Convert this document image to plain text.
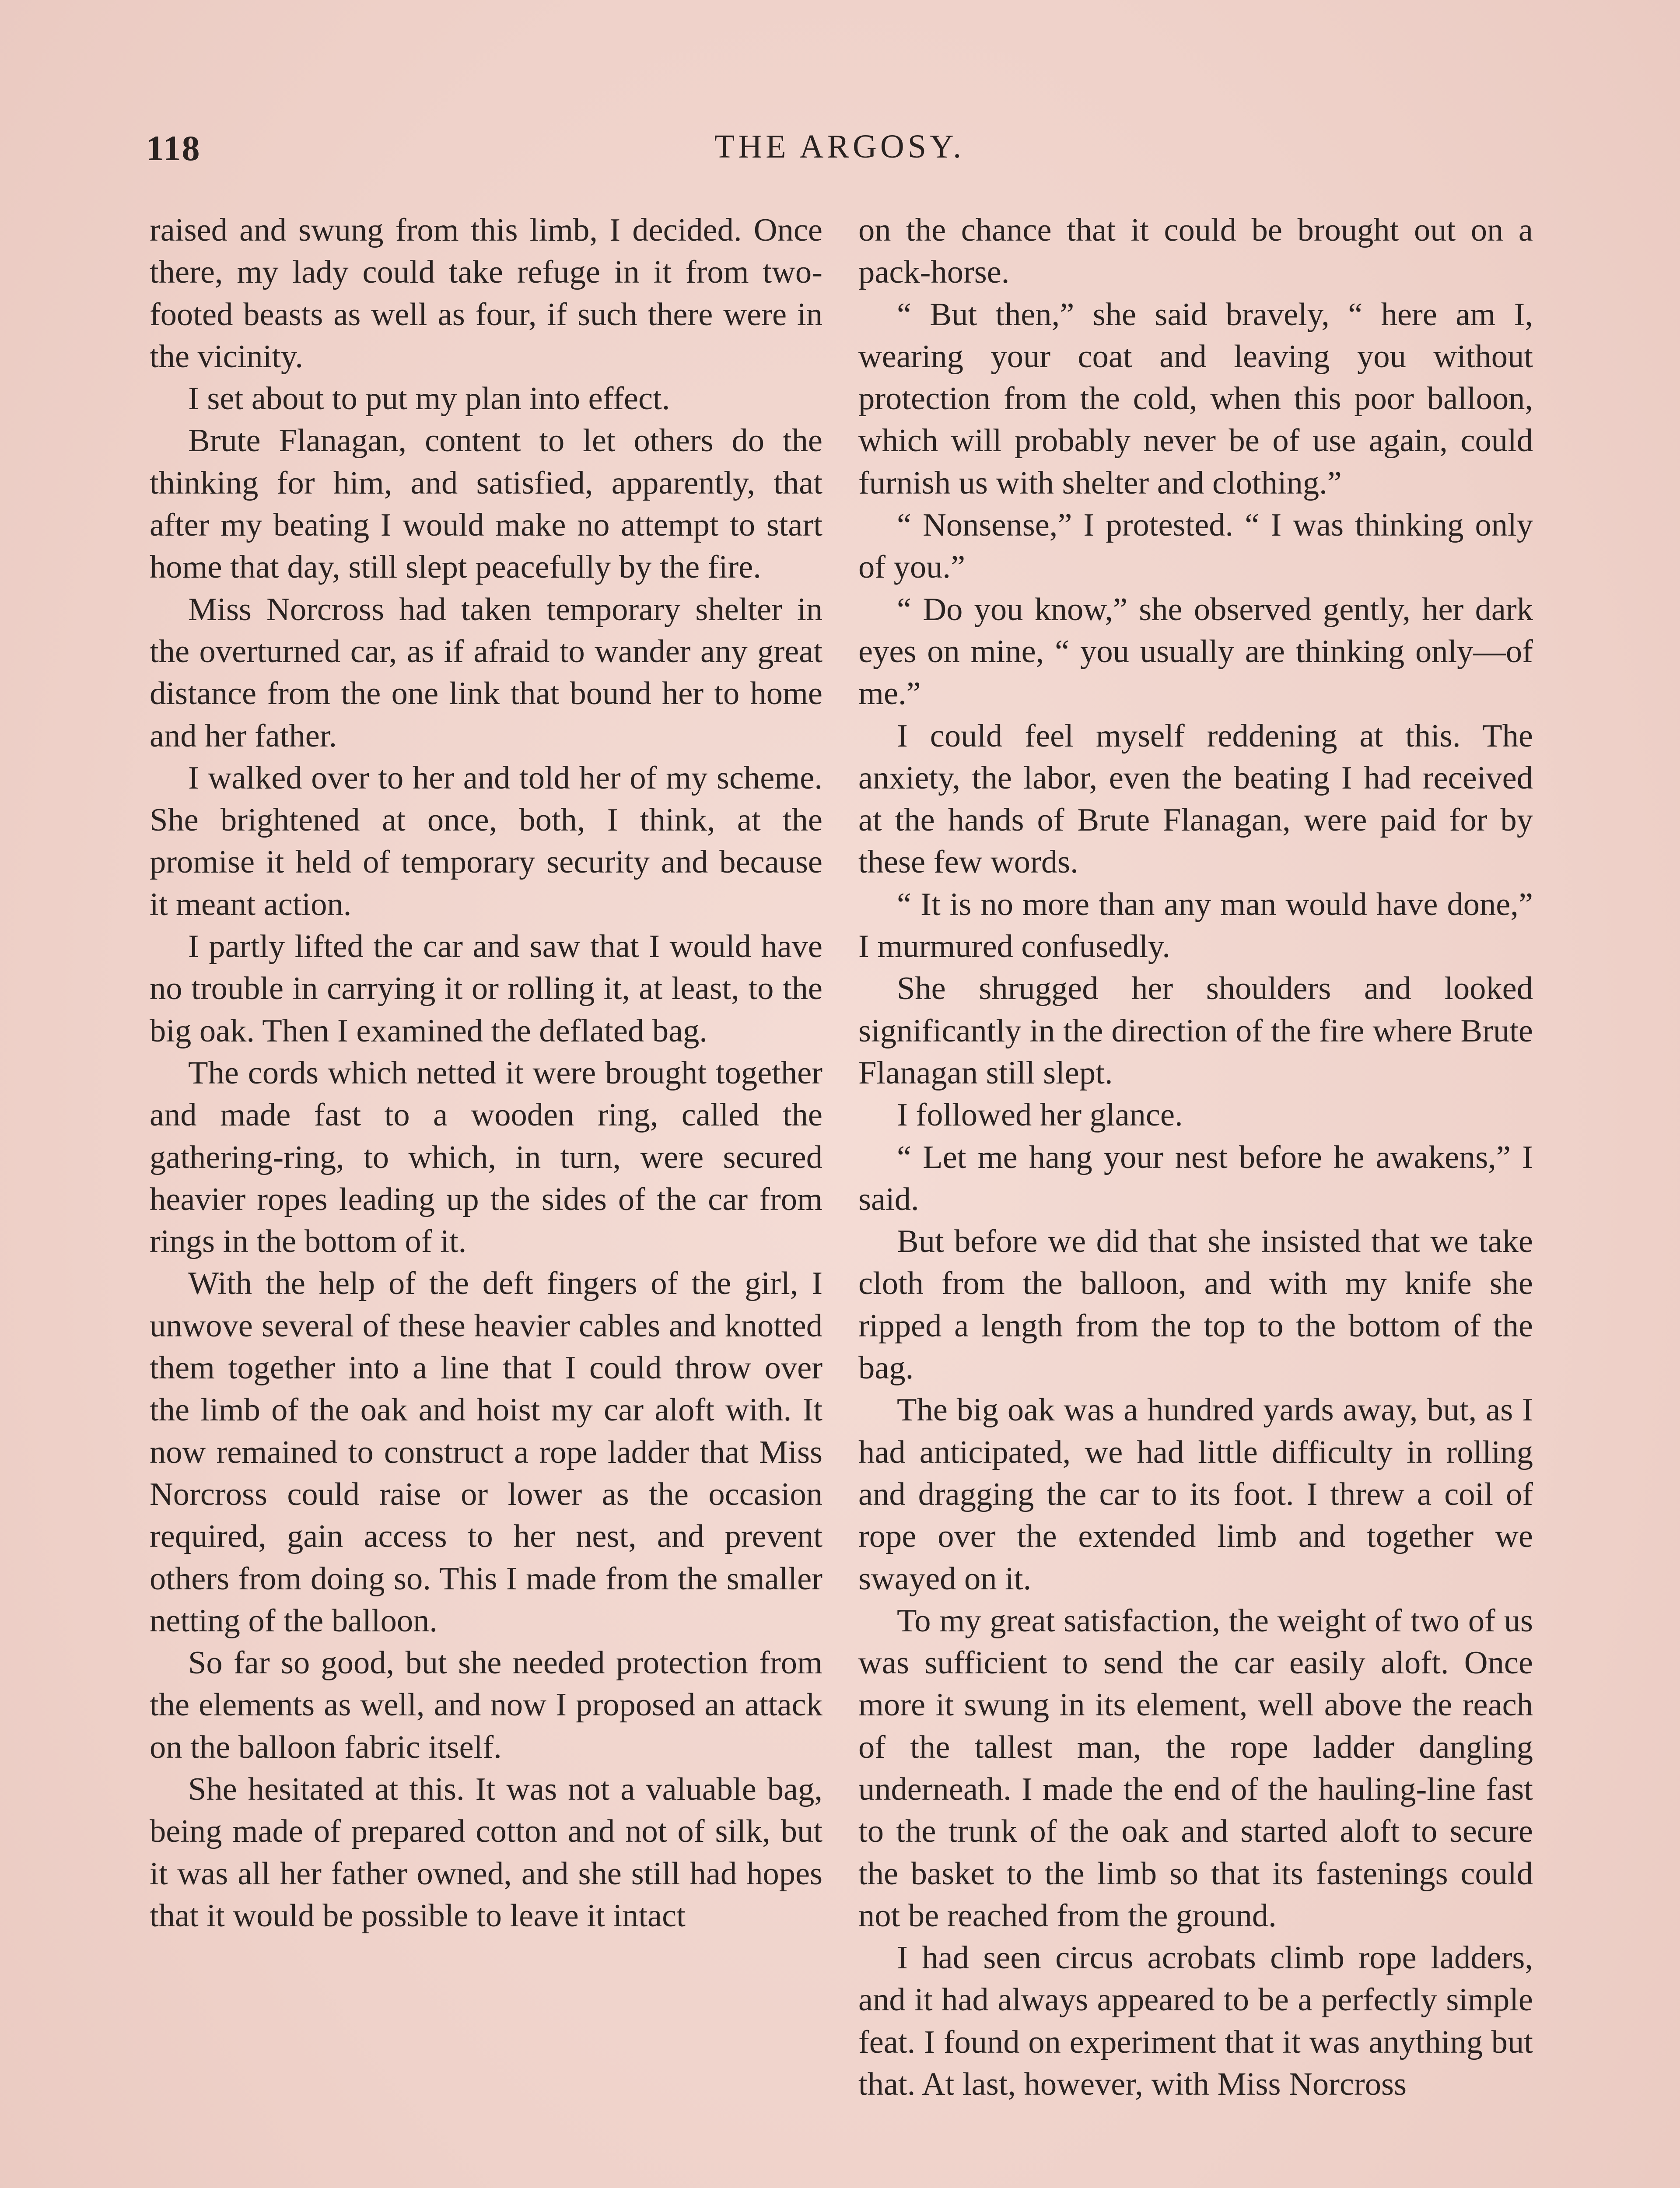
118	THE ARGOSY.

raised and swung from this limb, I decided. Once there, my lady could take refuge in it from two-footed beasts as well as four, if such there were in the vicinity.

I set about to put my plan into effect.

Brute Flanagan, content to let others do the thinking for him, and satisfied, apparently, that after my beating I would make no attempt to start home that day, still slept peacefully by the fire.

Miss Norcross had taken temporary shelter in the overturned car, as if afraid to wander any great distance from the one link that bound her to home and her father.

I walked over to her and told her of my scheme. She brightened at once, both, I think, at the promise it held of temporary security and because it meant action.

I partly lifted the car and saw that I would have no trouble in carrying it or rolling it, at least, to the big oak. Then I examined the deflated bag.

The cords which netted it were brought together and made fast to a wooden ring, called the gathering-ring, to which, in turn, were secured heavier ropes leading up the sides of the car from rings in the bottom of it.

With the help of the deft fingers of the girl, I unwove several of these heavier cables and knotted them together into a line that I could throw over the limb of the oak and hoist my car aloft with. It now remained to construct a rope ladder that Miss Norcross could raise or lower as the occasion required, gain access to her nest, and prevent others from doing so. This I made from the smaller netting of the balloon.

So far so good, but she needed protection from the elements as well, and now I proposed an attack on the balloon fabric itself.

She hesitated at this. It was not a valuable bag, being made of prepared cotton and not of silk, but it was all her father owned, and she still had hopes that it would be possible to leave it intact

on the chance that it could be brought out on a pack-horse.

“ But then,” she said bravely, “ here am I, wearing your coat and leaving you without protection from the cold, when this poor balloon, which will probably never be of use again, could furnish us with shelter and clothing.”

“ Nonsense,” I protested. “ I was thinking only of you.”

“ Do you know,” she observed gently, her dark eyes on mine, “ you usually are thinking only—of me.”

I could feel myself reddening at this. The anxiety, the labor, even the beating I had received at the hands of Brute Flanagan, were paid for by these few words.

“ It is no more than any man would have done,” I murmured confusedly.

She shrugged her shoulders and looked significantly in the direction of the fire where Brute Flanagan still slept.

I followed her glance.

“ Let me hang your nest before he awakens,” I said.

But before we did that she insisted that we take cloth from the balloon, and with my knife she ripped a length from the top to the bottom of the bag.

The big oak was a hundred yards away, but, as I had anticipated, we had little difficulty in rolling and dragging the car to its foot. I threw a coil of rope over the extended limb and together we swayed on it.

To my great satisfaction, the weight of two of us was sufficient to send the car easily aloft. Once more it swung in its element, well above the reach of the tallest man, the rope ladder dangling underneath. I made the end of the hauling-line fast to the trunk of the oak and started aloft to secure the basket to the limb so that its fastenings could not be reached from the ground.

I had seen circus acrobats climb rope ladders, and it had always appeared to be a perfectly simple feat. I found on experiment that it was anything but that. At last, however, with Miss Norcross
